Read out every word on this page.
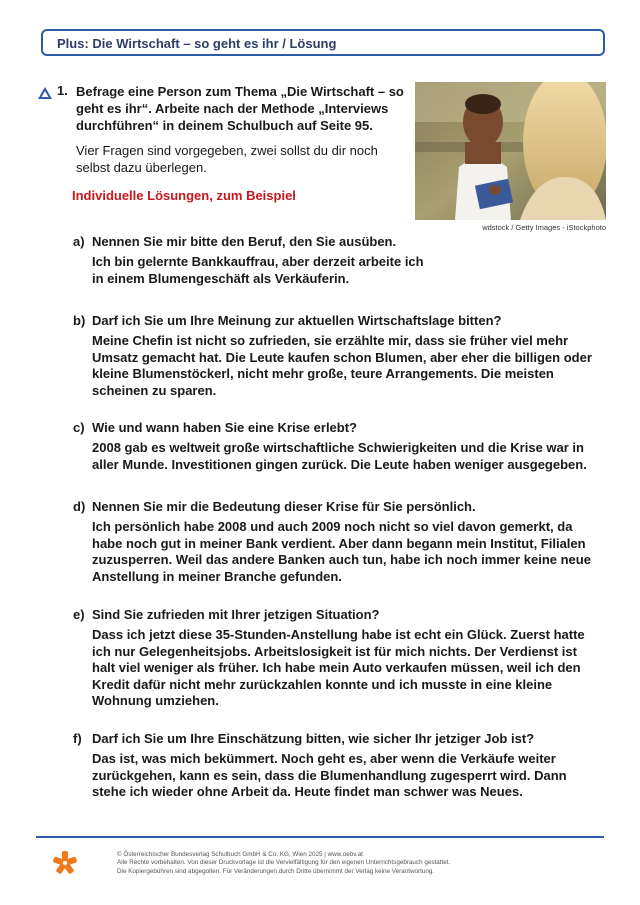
Plus: Die Wirtschaft – so geht es ihr / Lösung
1. Befrage eine Person zum Thema „Die Wirtschaft – so geht es ihr“. Arbeite nach der Methode „Interviews durchführen“ in deinem Schulbuch auf Seite 95.

Vier Fragen sind vorgegeben, zwei sollst du dir noch selbst dazu überlegen.

Individuelle Lösungen, zum Beispiel
wdstock / Getty Images - iStockphoto
a) Nennen Sie mir bitte den Beruf, den Sie ausüben.

Ich bin gelernte Bankkauffrau, aber derzeit arbeite ich in einem Blumengeschäft als Verkäuferin.

b) Darf ich Sie um Ihre Meinung zur aktuellen Wirtschaftslage bitten?

Meine Chefin ist nicht so zufrieden, sie erzählte mir, dass sie früher viel mehr Umsatz gemacht hat. Die Leute kaufen schon Blumen, aber eher die billigen oder kleine Blumenstöckerl, nicht mehr große, teure Arrangements. Die meisten scheinen zu sparen.

c) Wie und wann haben Sie eine Krise erlebt?

2008 gab es weltweit große wirtschaftliche Schwierigkeiten und die Krise war in aller Munde. Investitionen gingen zurück. Die Leute haben weniger ausgegeben.

d) Nennen Sie mir die Bedeutung dieser Krise für Sie persönlich.

Ich persönlich habe 2008 und auch 2009 noch nicht so viel davon gemerkt, da habe noch gut in meiner Bank verdient. Aber dann begann mein Institut, Filialen zuzusperren. Weil das andere Banken auch tun, habe ich noch immer keine neue Anstellung in meiner Branche gefunden.

e) Sind Sie zufrieden mit Ihrer jetzigen Situation?

Dass ich jetzt diese 35-Stunden-Anstellung habe ist echt ein Glück. Zuerst hatte ich nur Gelegenheitsjobs. Arbeitslosigkeit ist für mich nichts. Der Verdienst ist halt viel weniger als früher. Ich habe mein Auto verkaufen müssen, weil ich den Kredit dafür nicht mehr zurückzahlen konnte und ich musste in eine kleine Wohnung umziehen.

f) Darf ich Sie um Ihre Einschätzung bitten, wie sicher Ihr jetziger Job ist?

Das ist, was mich bekümmert. Noch geht es, aber wenn die Verkäufe weiter zurückgehen, kann es sein, dass die Blumenhandlung zugesperrt wird. Dann stehe ich wieder ohne Arbeit da. Heute findet man schwer was Neues.

© Österreichischer Bundesverlag Schulbuch GmbH & Co. KG, Wien 2025 | www.oebv.at
Alle Rechte vorbehalten. Von dieser Druckvorlage ist die Vervielfältigung für den eigenen Unterrichtsgebrauch gestattet.
Die Kopiergebühren sind abgegolten. Für Veränderungen durch Dritte übernimmt der Verlag keine Verantwortung.
